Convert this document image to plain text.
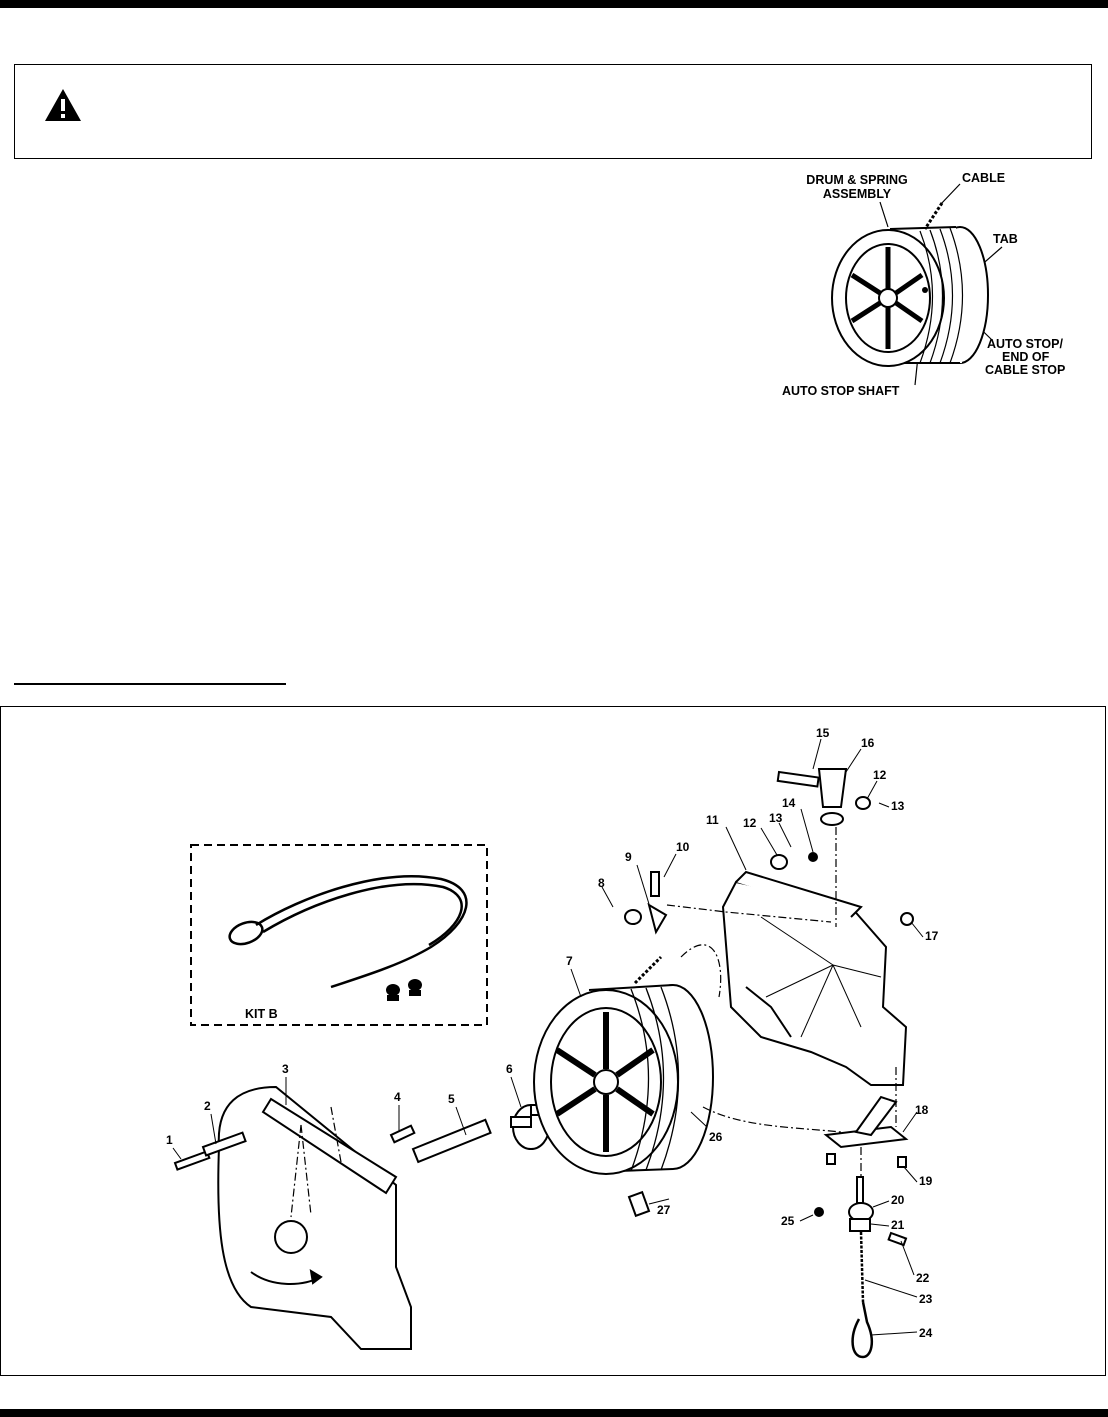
DRUM & SPRING
ASSEMBLY
CABLE
TAB
AUTO STOP/
END OF
CABLE STOP
AUTO STOP SHAFT
KIT B
1
2
3
4	5
6
7
8
9
10
11 12 13
14
15
16
12
13
17
18
19
20
21
22
23
24
25
26
27
